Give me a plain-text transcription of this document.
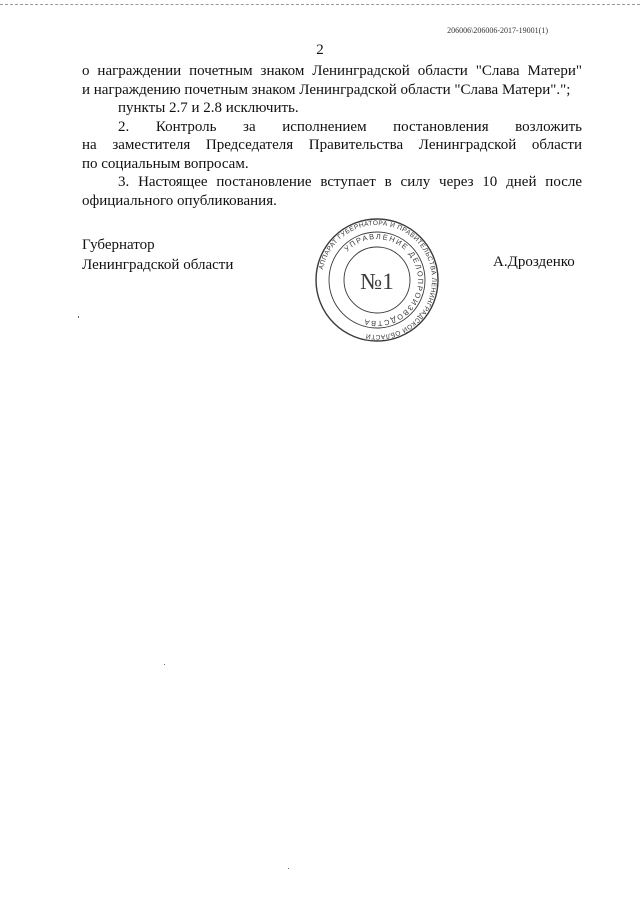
206006\206006-2017-19001(1)
2

о награждении почетным знаком Ленинградской области "Слава Матери"

и награждению почетным знаком Ленинградской области "Слава Матери".";

пункты 2.7 и 2.8 исключить.

2. Контроль за исполнением постановления возложить

на заместителя Председателя Правительства Ленинградской области

по социальным вопросам.

3. Настоящее постановление вступает в силу через 10 дней после

официального опубликования.

Губернатор
Ленинградской области	А.Дрозденко
АППАРАТ ГУБЕРНАТОРА И ПРАВИТЕЛЬСТВА ЛЕНИНГРАДСКОЙ ОБЛАСТИ
УПРАВЛЕНИЕ ДЕЛОПРОИЗВОДСТВА
№1
